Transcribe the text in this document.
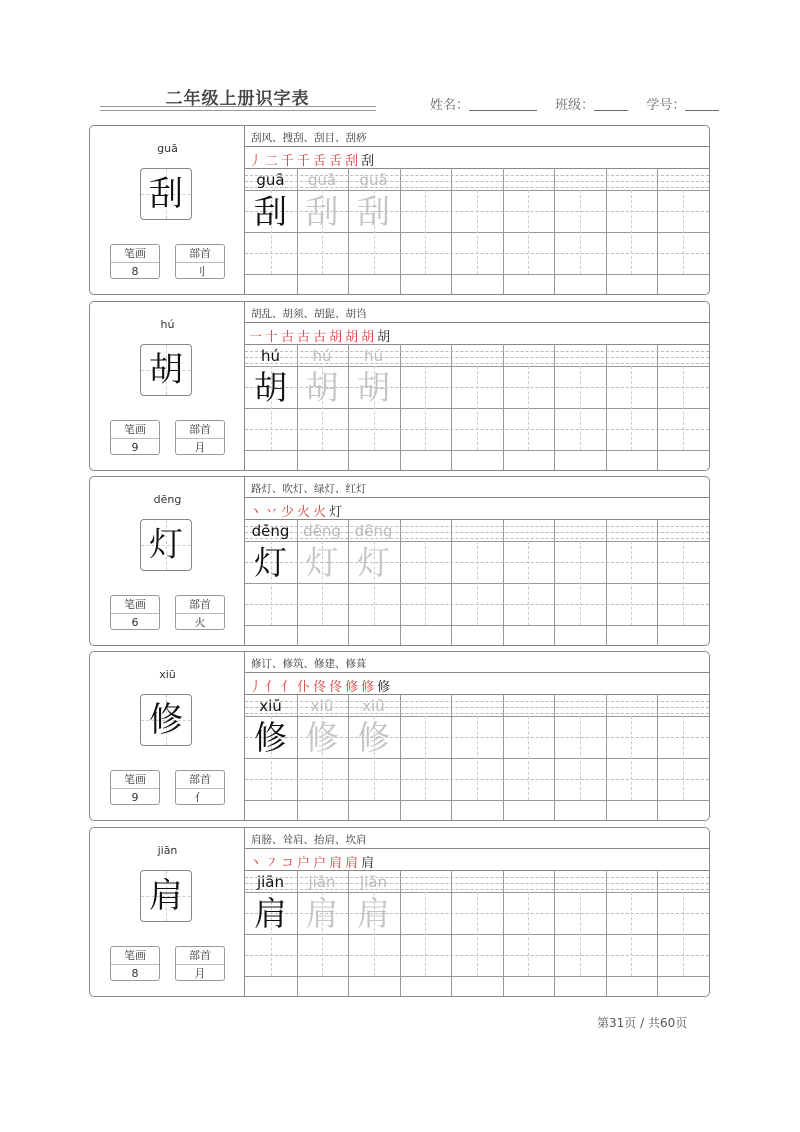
二年级上册识字表	姓名：	班级：	学号：
guā
刮
笔画
8
部首
刂
刮风、搜刮、刮目、刮痧
丿二千千舌舌刮刮
guā
刮
guā
刮
guā
刮
hú
胡
笔画
9
部首
月
胡乱、胡须、胡髭、胡诌
一十古古古胡胡胡胡
hú
胡
hú
胡
hú
胡
dēng
灯
笔画
6
部首
火
路灯、吹灯、绿灯、红灯
丶丷少火火灯
dēng
灯
dēng
灯
dēng
灯
xiū
修
笔画
9
部首
亻
修订、修筑、修建、修葺
丿亻亻仆佟佟修修修
xiū
修
xiū
修
xiū
修
jiān
肩
笔画
8
部首
月
肩膀、耸肩、抬肩、坎肩
丶㇇コ户户肩肩肩
jiān
肩
jiān
肩
jiān
肩
第31页 / 共60页
